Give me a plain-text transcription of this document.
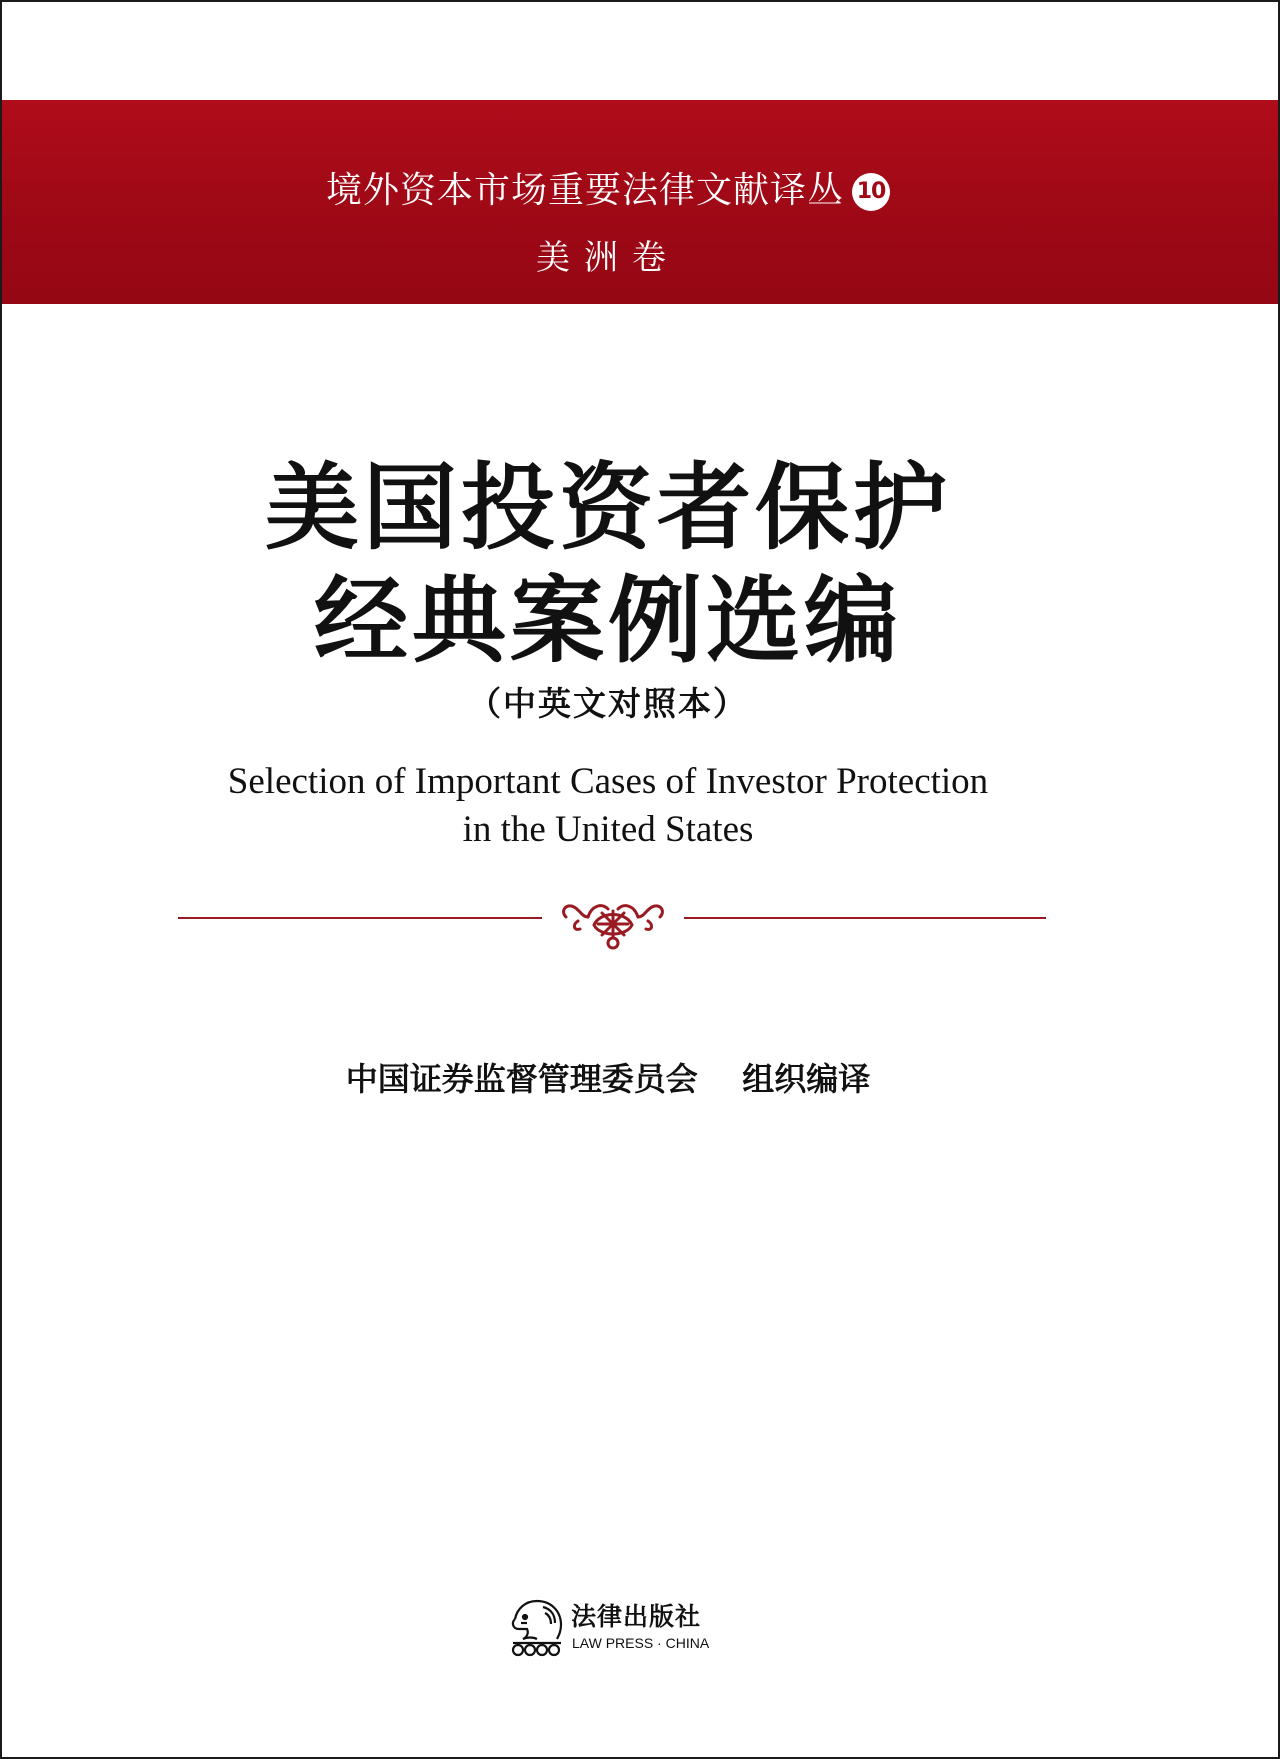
境外资本市场重要法律文献译丛 10
美洲卷
美国投资者保护
经典案例选编
（中英文对照本）
Selection of Important Cases of Investor Protection
in the United States
中国证券监督管理委员会 组织编译
法律出版社
LAW PRESS · CHINA
